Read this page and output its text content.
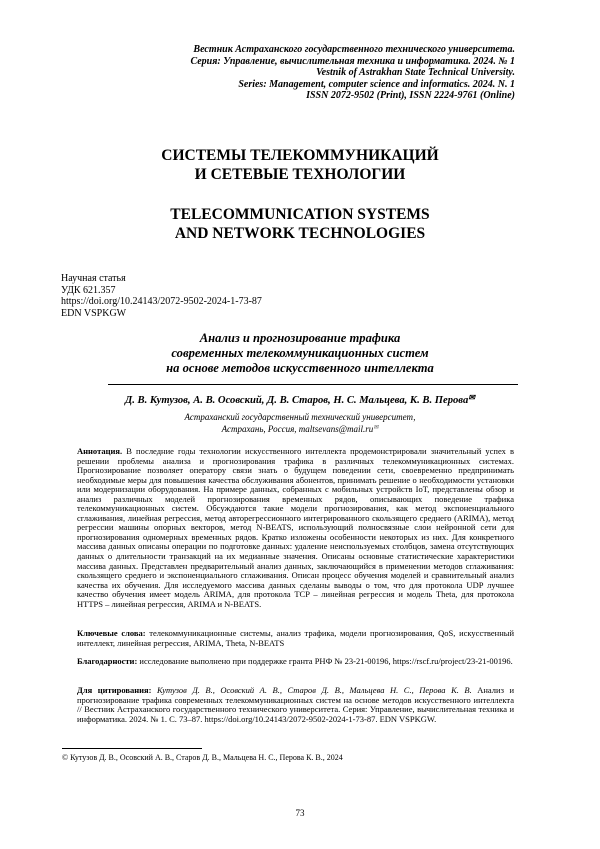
Вестник Астраханского государственного технического университета.
Серия: Управление, вычислительная техника и информатика. 2024. № 1
Vestnik of Astrakhan State Technical University.
Series: Management, computer science and informatics. 2024. N. 1
ISSN 2072-9502 (Print), ISSN 2224-9761 (Online)
СИСТЕМЫ ТЕЛЕКОММУНИКАЦИЙ
И СЕТЕВЫЕ ТЕХНОЛОГИИ
TELECOMMUNICATION SYSTEMS
AND NETWORK TECHNOLOGIES
Научная статья
УДК 621.357
https://doi.org/10.24143/2072-9502-2024-1-73-87
EDN VSPKGW
Анализ и прогнозирование трафика
современных телекоммуникационных систем
на основе методов искусственного интеллекта
Д. В. Кутузов, А. В. Осовский, Д. В. Старов, Н. С. Мальцева, К. В. Перова✉
Астраханский государственный технический университет,
Астрахань, Россия, maltsevans@mail.ru✉
Аннотация. В последние годы технологии искусственного интеллекта продемонстрировали значительный успех в решении проблемы анализа и прогнозирования трафика в различных телекоммуникационных системах. Прогнозирование позволяет оператору связи знать о будущем поведении сети, своевременно предпринимать необходимые меры для повышения качества обслуживания абонентов, принимать решение о необходимости установки или модернизации оборудования. На примере данных, собранных с мобильных устройств IoT, представлены обзор и анализ различных моделей прогнозирования временных рядов, описывающих поведение трафика телекоммуникационных систем. Обсуждаются такие модели прогнозирования, как метод экспоненциального сглаживания, линейная регрессия, метод авторегрессионного интегрированного скользящего среднего (ARIMA), метод регрессии машины опорных векторов, метод N-BEATS, использующий полносвязные слои нейронной сети для прогнозирования одномерных временных рядов. Кратко изложены особенности некоторых из них. Для конкретного массива данных описаны операции по подготовке данных: удаление неиспользуемых столбцов, замена отсутствующих данных о длительности транзакций на их медианные значения. Описаны основные статистические характеристики массива данных. Представлен предварительный анализ данных, заключающийся в применении методов сглаживания: скользящего среднего и экспоненциального сглаживания. Описан процесс обучения моделей и сравнительный анализ качества их обучения. Для исследуемого массива данных сделаны выводы о том, что для протокола UDP лучшее качество обучения имеет модель ARIMA, для протокола TCP – линейная регрессия и модель Theta, для протокола HTTPS – линейная регрессия, ARIMA и N-BEATS.
Ключевые слова: телекоммуникационные системы, анализ трафика, модели прогнозирования, QoS, искусственный интеллект, линейная регрессия, ARIMA, Theta, N-BEATS
Благодарности: исследование выполнено при поддержке гранта РНФ № 23-21-00196, https://rscf.ru/project/23-21-00196.
Для цитирования: Кутузов Д. В., Осовский А. В., Старов Д. В., Мальцева Н. С., Перова К. В. Анализ и прогнозирование трафика современных телекоммуникационных систем на основе методов искусственного интеллекта // Вестник Астраханского государственного технического университета. Серия: Управление, вычислительная техника и информатика. 2024. № 1. С. 73–87. https://doi.org/10.24143/2072-9502-2024-1-73-87. EDN VSPKGW.
© Кутузов Д. В., Осовский А. В., Старов Д. В., Мальцева Н. С., Перова К. В., 2024
73
